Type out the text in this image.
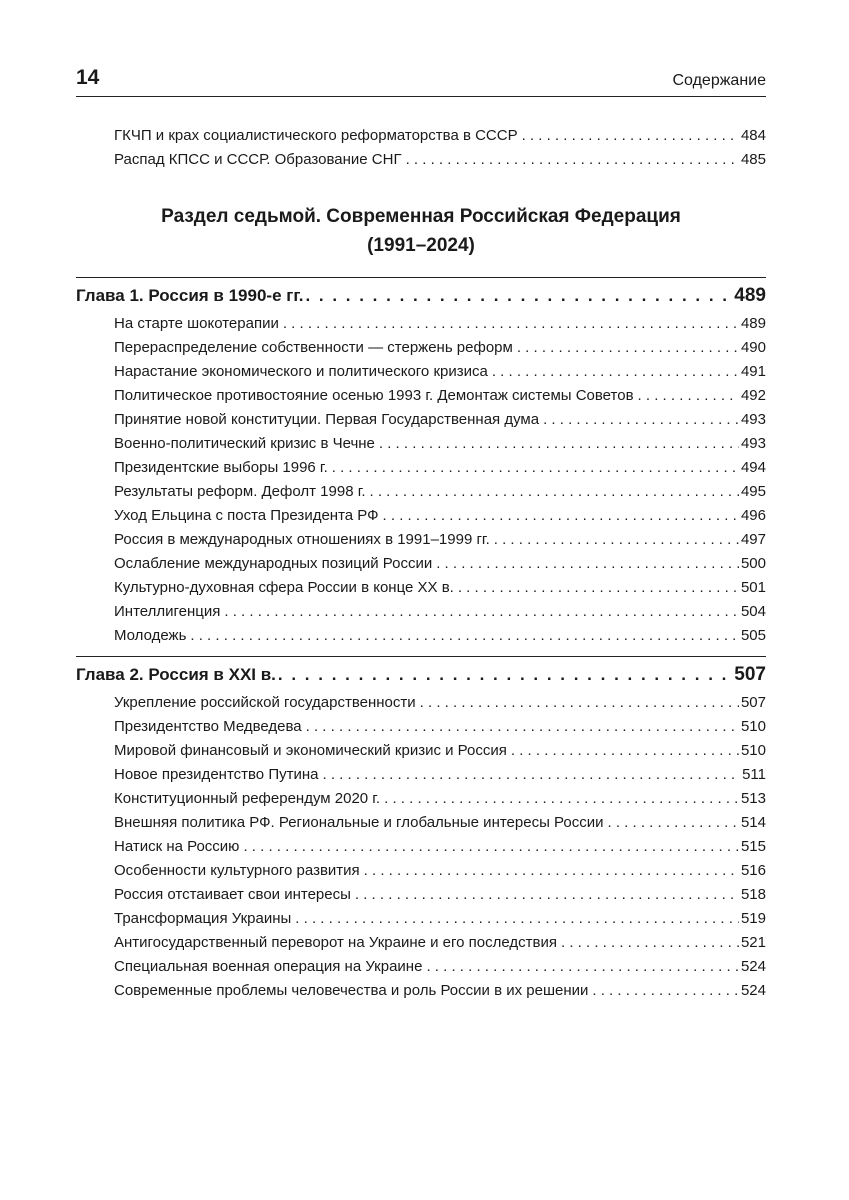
14	Содержание
ГКЧП и крах социалистического реформаторства в СССР . . .	484
Распад КПСС и СССР. Образование СНГ . . .	485
Раздел седьмой. Современная Российская Федерация
(1991–2024)
Глава 1. Россия в 1990-е гг. . . .	489
На старте шокотерапии . . .	489
Перераспределение собственности — стержень реформ . . .	490
Нарастание экономического и политического кризиса . . .	491
Политическое противостояние осенью 1993 г. Демонтаж системы Советов . . .	492
Принятие новой конституции. Первая Государственная дума . . .	493
Военно-политический кризис в Чечне . . .	493
Президентские выборы 1996 г. . . .	494
Результаты реформ. Дефолт 1998 г. . . .	495
Уход Ельцина с поста Президента РФ . . .	496
Россия в международных отношениях в 1991–1999 гг. . . .	497
Ослабление международных позиций России . . .	500
Культурно-духовная сфера России в конце XX в. . . .	501
Интеллигенция . . .	504
Молодежь . . .	505
Глава 2. Россия в XXI в. . . .	507
Укрепление российской государственности . . .	507
Президентство Медведева . . .	510
Мировой финансовый и экономический кризис и Россия . . .	510
Новое президентство Путина . . .	511
Конституционный референдум 2020 г. . . .	513
Внешняя политика РФ. Региональные и глобальные интересы России . . .	514
Натиск на Россию . . .	515
Особенности культурного развития . . .	516
Россия отстаивает свои интересы . . .	518
Трансформация Украины . . .	519
Антигосударственный переворот на Украине и его последствия . . .	521
Специальная военная операция на Украине . . .	524
Современные проблемы человечества и роль России в их решении . . .	524
